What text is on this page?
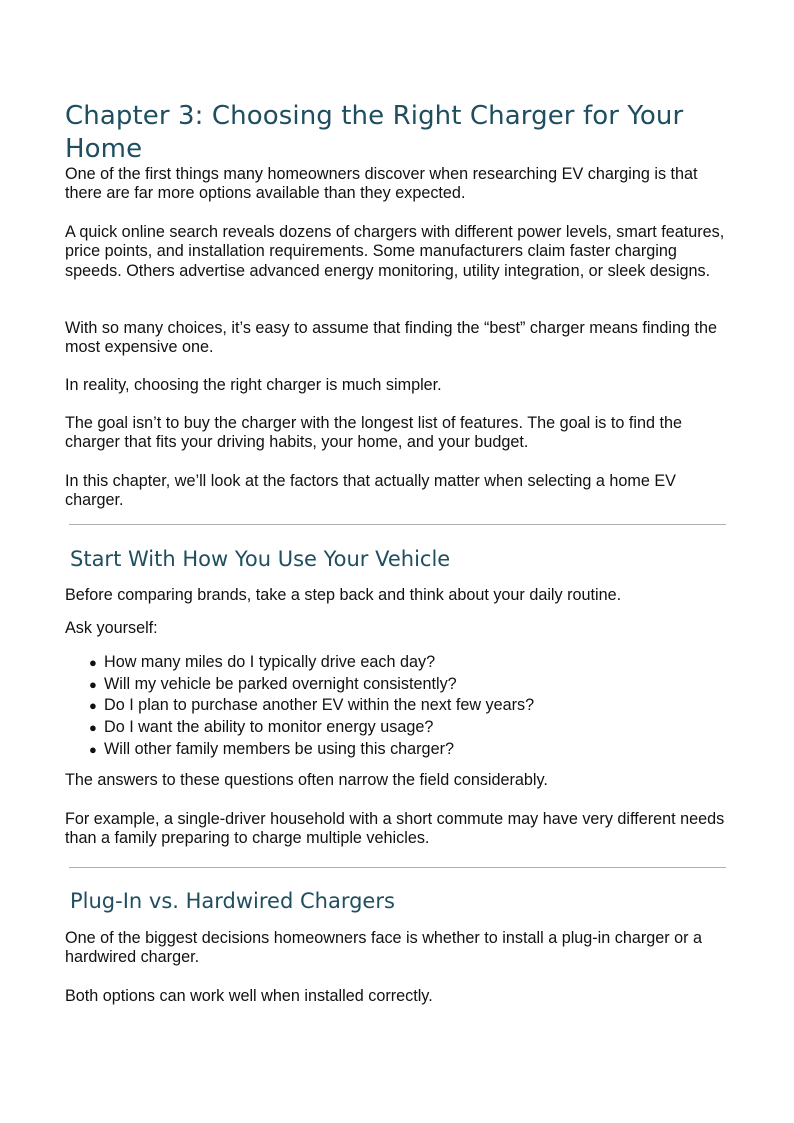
Chapter 3: Choosing the Right Charger for Your Home

One of the first things many homeowners discover when researching EV charging is that there are far more options available than they expected.

A quick online search reveals dozens of chargers with different power levels, smart features, price points, and installation requirements. Some manufacturers claim faster charging speeds. Others advertise advanced energy monitoring, utility integration, or sleek designs.

With so many choices, it’s easy to assume that finding the “best” charger means finding the most expensive one.

In reality, choosing the right charger is much simpler.

The goal isn’t to buy the charger with the longest list of features. The goal is to find the charger that fits your driving habits, your home, and your budget.

In this chapter, we’ll look at the factors that actually matter when selecting a home EV charger.

Start With How You Use Your Vehicle

Before comparing brands, take a step back and think about your daily routine.

Ask yourself:

● How many miles do I typically drive each day?
● Will my vehicle be parked overnight consistently?
● Do I plan to purchase another EV within the next few years?
● Do I want the ability to monitor energy usage?
● Will other family members be using this charger?

The answers to these questions often narrow the field considerably.

For example, a single-driver household with a short commute may have very different needs than a family preparing to charge multiple vehicles.

Plug-In vs. Hardwired Chargers

One of the biggest decisions homeowners face is whether to install a plug-in charger or a hardwired charger.

Both options can work well when installed correctly.
